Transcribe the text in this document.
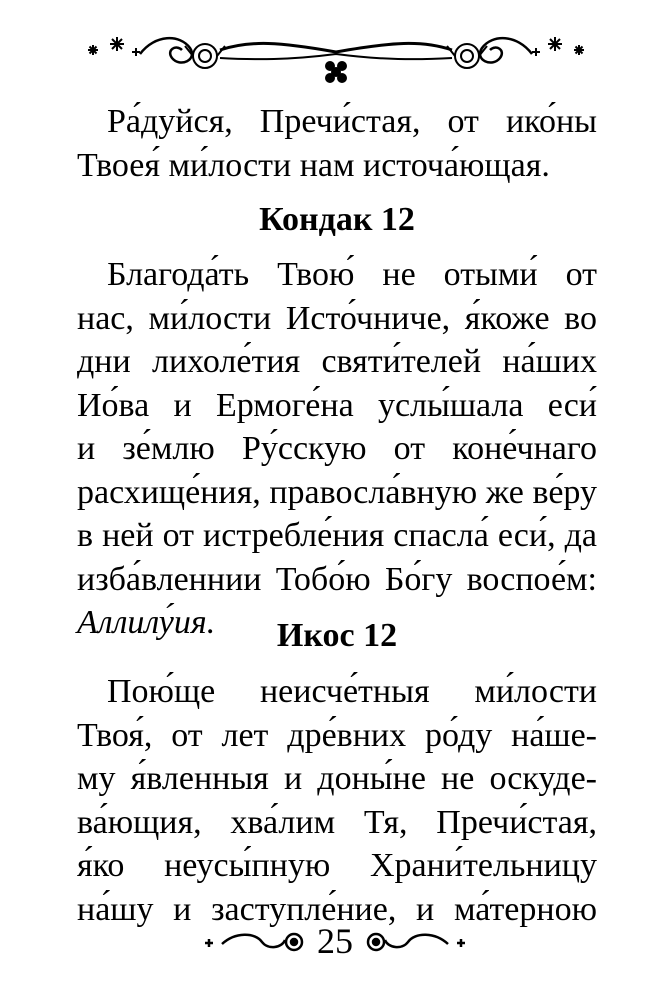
Ра́дуйся, Пречи́стая, от ико́ны
Твоея́ ми́лости нам источа́ющая.
Кондак 12
Благода́ть Твою́ не отыми́ от
нас, ми́лости Исто́чниче, я́коже во
дни лихоле́тия святи́телей на́ших
Ио́ва и Ермоге́на услы́шала еси́
и зе́млю Ру́сскую от коне́чнаго
расхище́ния, правосла́вную же ве́ру
в ней от истребле́ния спасла́ еси́, да
изба́вленнии Тобо́ю Бо́гу воспое́м:
Аллилу́ия.	Икос 12
Пою́ще неисче́тныя ми́лости
Твоя́, от лет дре́вних ро́ду на́ше-
му я́вленныя и доны́не не оскуде-
ва́ющия, хва́лим Тя, Пречи́стая,
я́ко неусы́пную Храни́тельницу
на́шу и заступле́ние, и ма́терною
25
